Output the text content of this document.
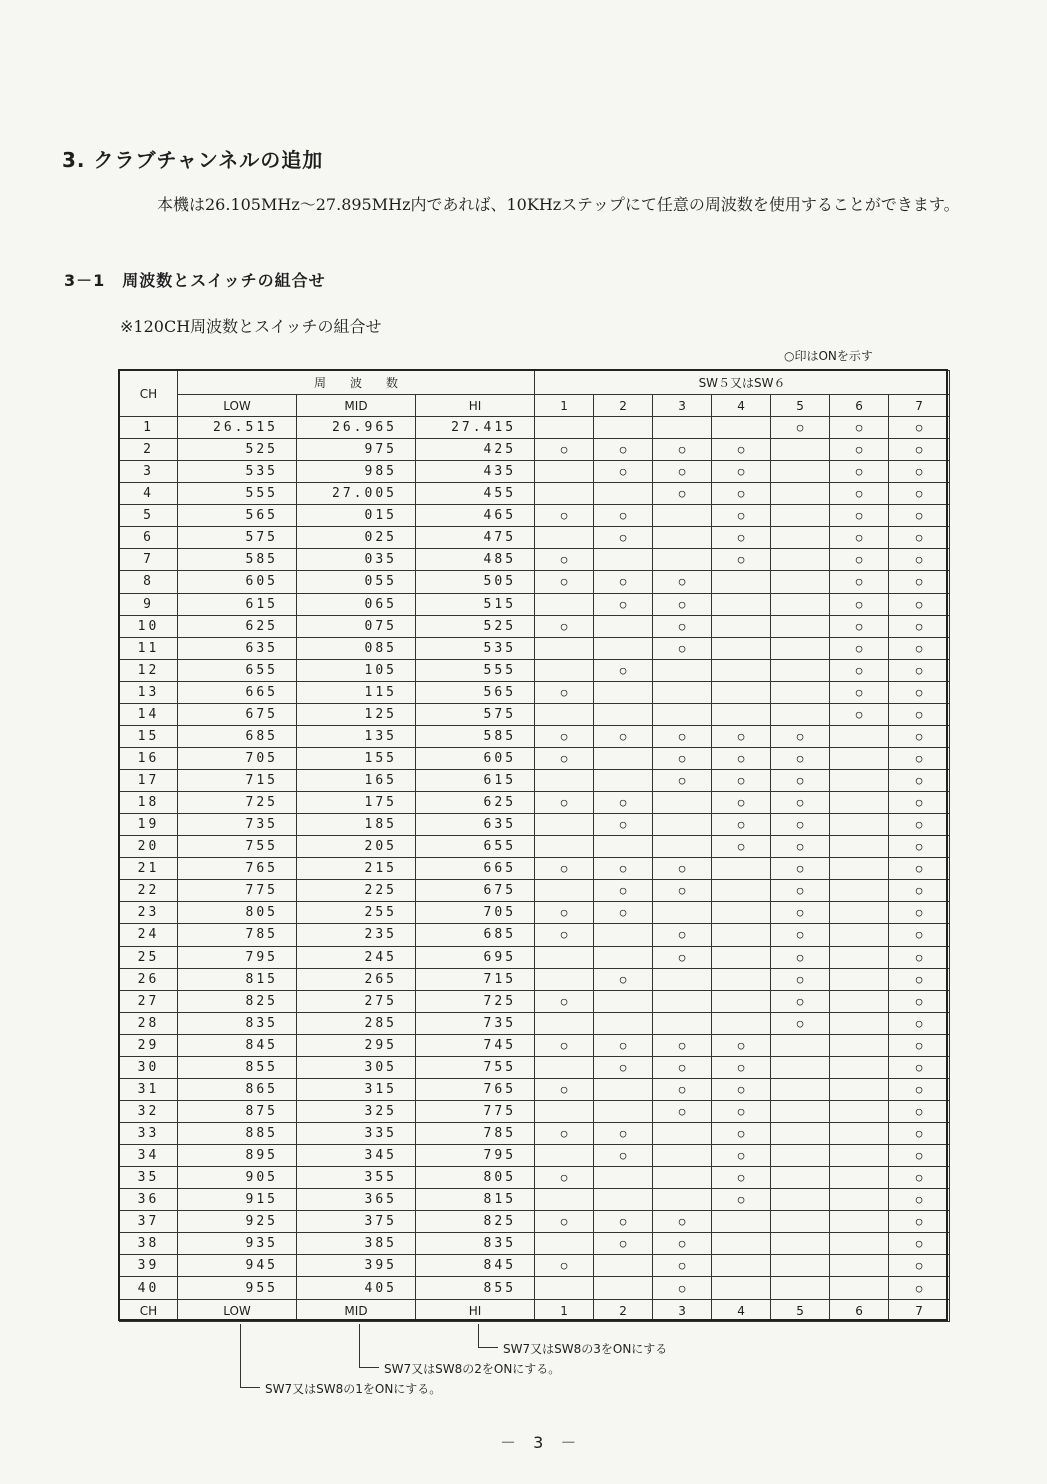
3. クラブチャンネルの追加
本機は26.105MHz～27.895MHz内であれば、10KHzステップにて任意の周波数を使用することができます。
3－1　周波数とスイッチの組合せ
※120CH周波数とスイッチの組合せ
○印はONを示す
CH	周　　波　　数			SW５又はSW６						
	LOW	MID	HI	1	2	3	4	5	6	7
1	26.515	26.965	27.415					○	○	○
2	525	975	425	○	○	○	○		○	○
3	535	985	435		○	○	○		○	○
4	555	27.005	455			○	○		○	○
5	565	015	465	○	○		○		○	○
6	575	025	475		○		○		○	○
7	585	035	485	○			○		○	○
8	605	055	505	○	○	○			○	○
9	615	065	515		○	○			○	○
10	625	075	525	○		○			○	○
11	635	085	535			○			○	○
12	655	105	555		○				○	○
13	665	115	565	○					○	○
14	675	125	575						○	○
15	685	135	585	○	○	○	○	○		○
16	705	155	605	○		○	○	○		○
17	715	165	615			○	○	○		○
18	725	175	625	○	○		○	○		○
19	735	185	635		○		○	○		○
20	755	205	655				○	○		○
21	765	215	665	○	○	○		○		○
22	775	225	675		○	○		○		○
23	805	255	705	○	○			○		○
24	785	235	685	○		○		○		○
25	795	245	695			○		○		○
26	815	265	715		○			○		○
27	825	275	725	○				○		○
28	835	285	735					○		○
29	845	295	745	○	○	○	○			○
30	855	305	755		○	○	○			○
31	865	315	765	○		○	○			○
32	875	325	775			○	○			○
33	885	335	785	○	○		○			○
34	895	345	795		○		○			○
35	905	355	805	○			○			○
36	915	365	815				○			○
37	925	375	825	○	○	○				○
38	935	385	835		○	○				○
39	945	395	845	○		○				○
40	955	405	855			○				○
CH	LOW	MID	HI	1	2	3	4	5	6	7
SW7又はSW8の3をONにする
SW7又はSW8の2をONにする。
SW7又はSW8の1をONにする。
－ 3 －
